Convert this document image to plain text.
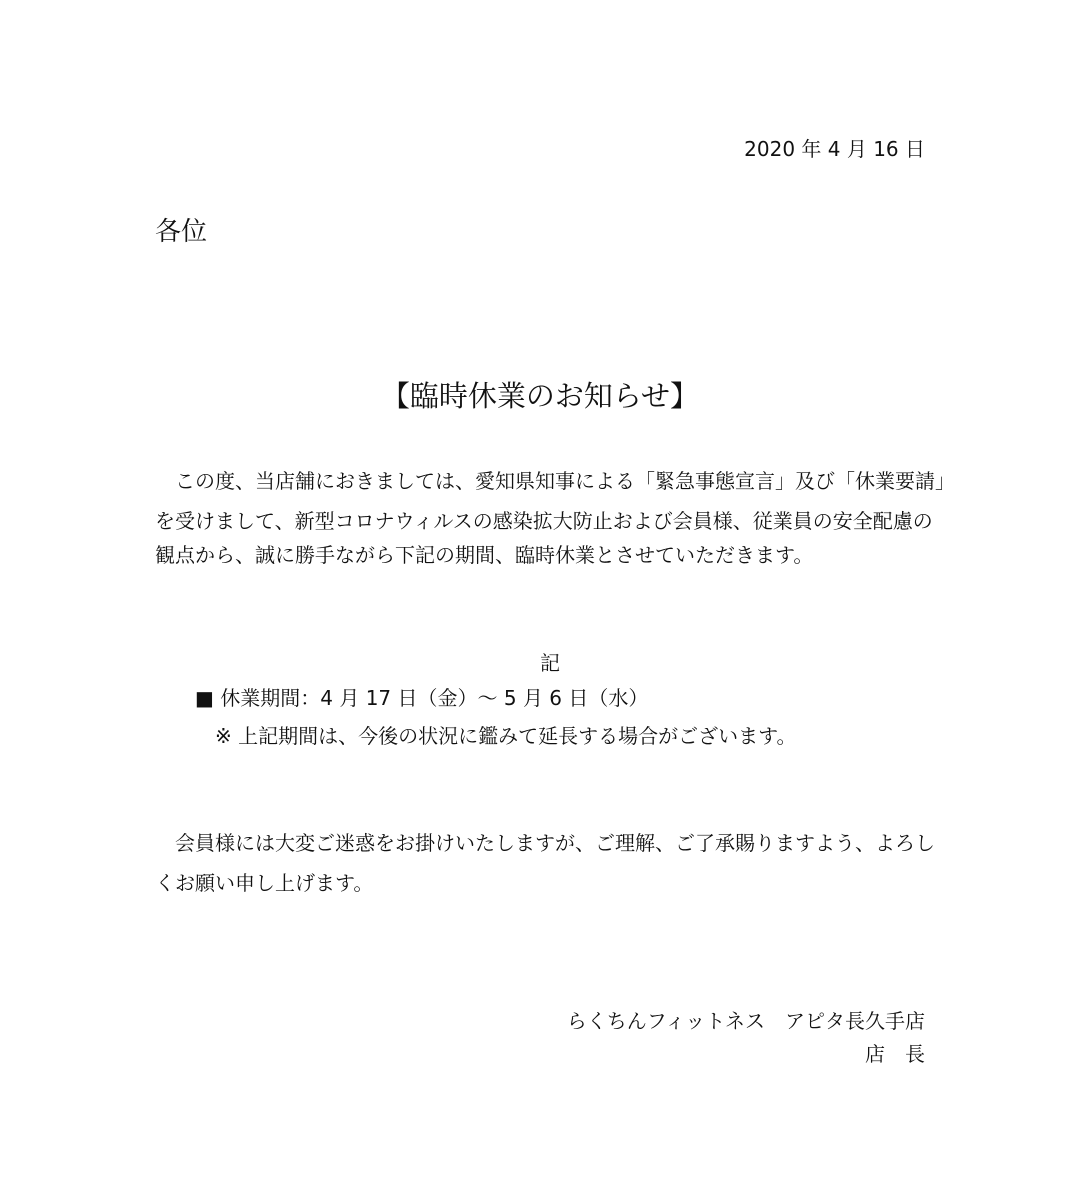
2020 年 4 月 16 日
各位
【臨時休業のお知らせ】
　この度、当店舗におきましては、愛知県知事による「緊急事態宣言」及び「休業要請」
を受けまして、新型コロナウィルスの感染拡大防止および会員様、従業員の安全配慮の
観点から、誠に勝手ながら下記の期間、臨時休業とさせていただきます。
記
■ 休業期間：4 月 17 日（金）～ 5 月 6 日（水）
※ 上記期間は、今後の状況に鑑みて延長する場合がございます。
　会員様には大変ご迷惑をお掛けいたしますが、ご理解、ご了承賜りますよう、よろし
くお願い申し上げます。
らくちんフィットネス　アピタ長久手店
店　長
